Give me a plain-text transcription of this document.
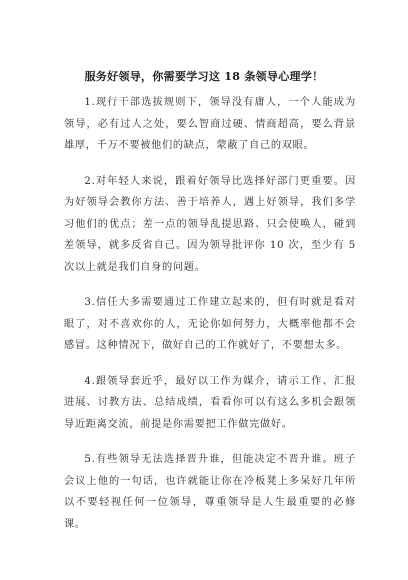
服务好领导，你需要学习这 18 条领导心理学！

1.现行干部选拔规则下，领导没有庸人，一个人能成为领导，必有过人之处，要么智商过硬、情商超高，要么背景雄厚，千万不要被他们的缺点，蒙蔽了自己的双眼。

2.对年轻人来说，跟着好领导比选择好部门更重要。因为好领导会教你方法、善于培养人，遇上好领导，我们多学习他们的优点；差一点的领导乱提思路、只会使唤人，碰到差领导，就多反省自己。因为领导批评你 10 次，至少有 5 次以上就是我们自身的问题。

3.信任大多需要通过工作建立起来的，但有时就是看对眼了，对不喜欢你的人，无论你如何努力，大概率他都不会感冒。这种情况下，做好自己的工作就好了，不要想太多。

4.跟领导套近乎，最好以工作为媒介，请示工作、汇报进展、讨教方法、总结成绩，看看你可以有这么多机会跟领导近距离交流，前提是你需要把工作做完做好。

5.有些领导无法选择晋升谁，但能决定不晋升谁。班子会议上他的一句话，也许就能让你在冷板凳上多呆好几年所以不要轻视任何一位领导，尊重领导是人生最重要的必修课。
